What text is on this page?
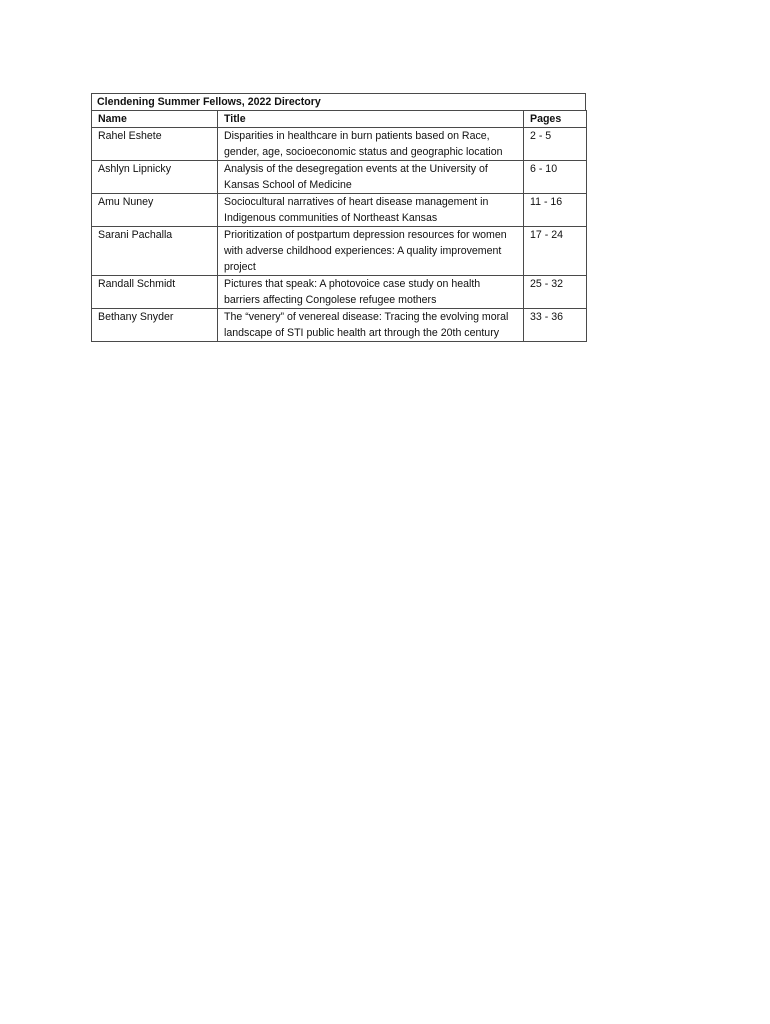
Clendening Summer Fellows, 2022 Directory
Name	Title	Pages
Rahel Eshete	Disparities in healthcare in burn patients based on Race, gender, age, socioeconomic status and geographic location	2 - 5
Ashlyn Lipnicky	Analysis of the desegregation events at the University of Kansas School of Medicine	6 - 10
Amu Nuney	Sociocultural narratives of heart disease management in Indigenous communities of Northeast Kansas	11 - 16
Sarani Pachalla	Prioritization of postpartum depression resources for women with adverse childhood experiences: A quality improvement project	17 - 24
Randall Schmidt	Pictures that speak: A photovoice case study on health barriers affecting Congolese refugee mothers	25 - 32
Bethany Snyder	The “venery” of venereal disease: Tracing the evolving moral landscape of STI public health art through the 20th century	33 - 36
